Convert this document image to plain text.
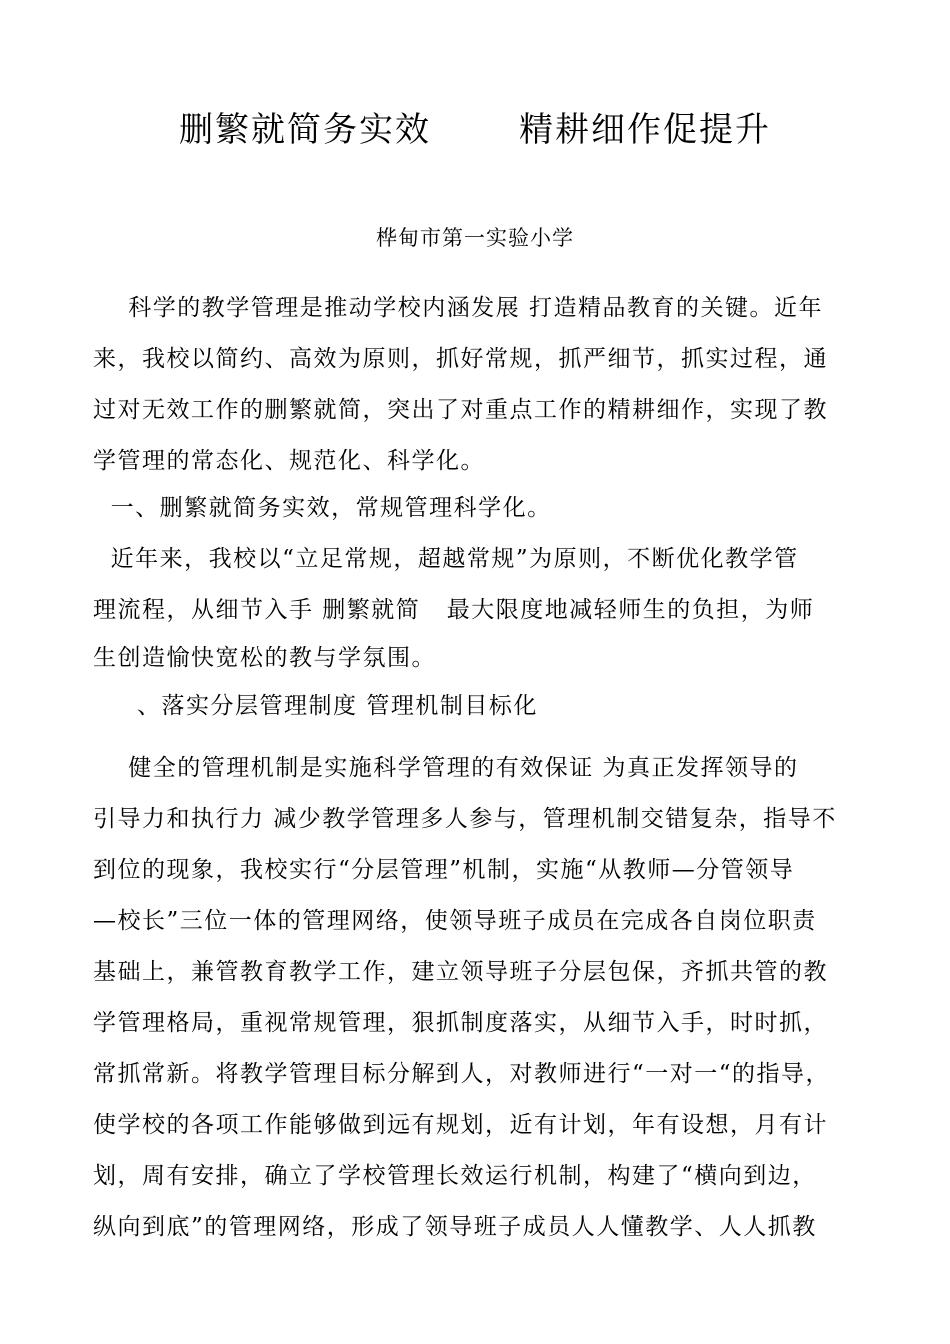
删繁就简务实效	精耕细作促提升
桦甸市第一实验小学
科学的教学管理是推动学校内涵发展 打造精品教育的关键。近年
来，我校以简约、高效为原则，抓好常规，抓严细节，抓实过程，通
过对无效工作的删繁就简，突出了对重点工作的精耕细作，实现了教
学管理的常态化、规范化、科学化。
一、删繁就简务实效，常规管理科学化。
近年来，我校以“立足常规，超越常规”为原则，不断优化教学管
理流程，从细节入手 删繁就简   最大限度地减轻师生的负担，为师
生创造愉快宽松的教与学氛围。
、落实分层管理制度 管理机制目标化
健全的管理机制是实施科学管理的有效保证 为真正发挥领导的
引导力和执行力 减少教学管理多人参与，管理机制交错复杂，指导不
到位的现象，我校实行“分层管理”机制，实施“从教师—分管领导
—校长”三位一体的管理网络，使领导班子成员在完成各自岗位职责
基础上，兼管教育教学工作，建立领导班子分层包保，齐抓共管的教
学管理格局，重视常规管理，狠抓制度落实，从细节入手，时时抓，
常抓常新。将教学管理目标分解到人，对教师进行“一对一“的指导，
使学校的各项工作能够做到远有规划，近有计划，年有设想，月有计
划，周有安排，确立了学校管理长效运行机制，构建了“横向到边，
纵向到底”的管理网络，形成了领导班子成员人人懂教学、人人抓教
